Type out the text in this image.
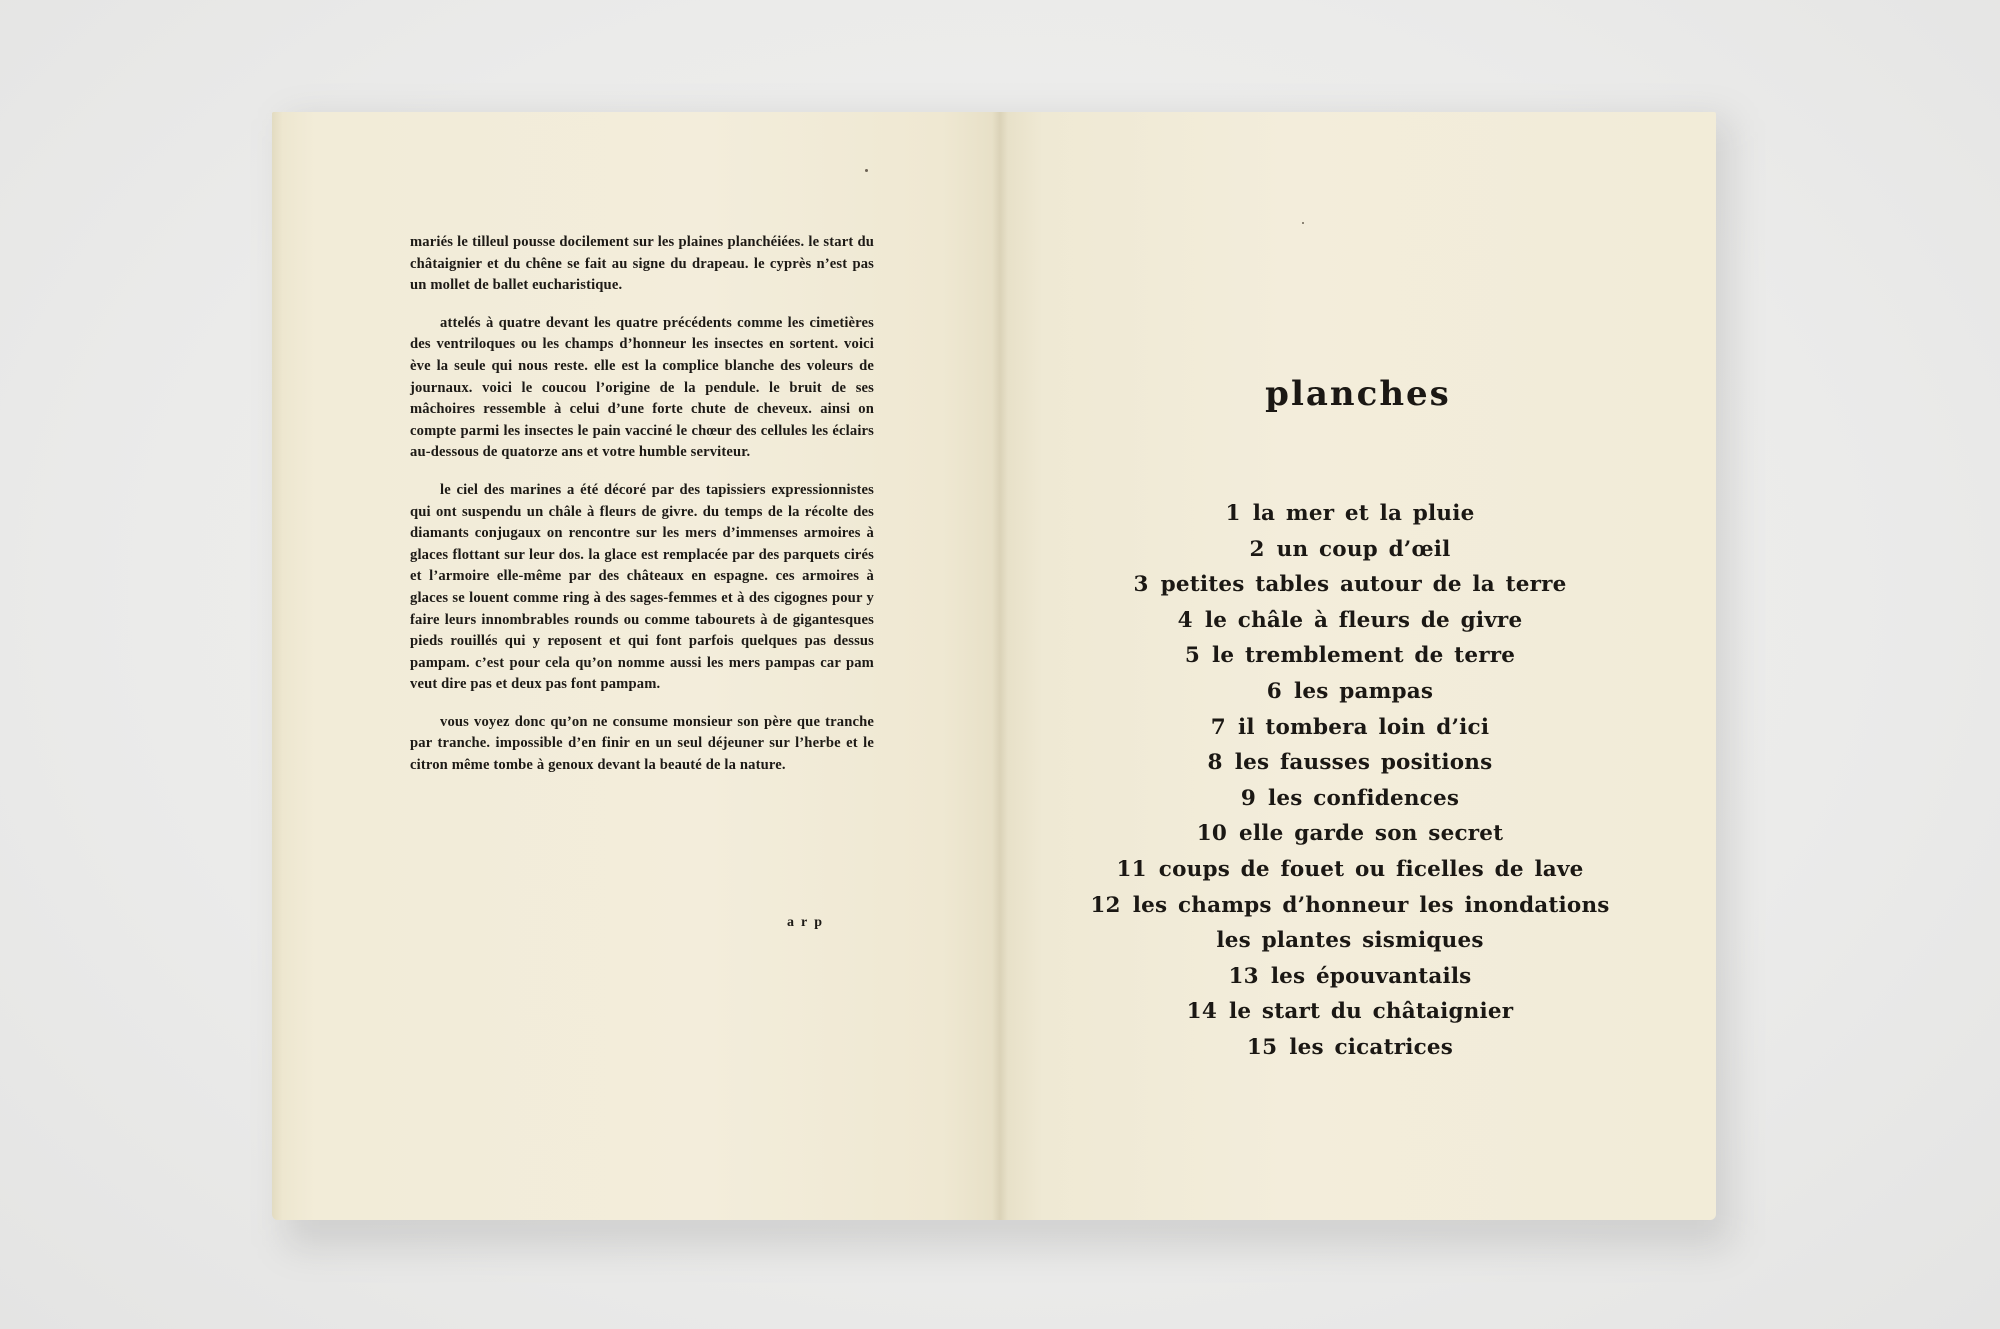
mariés le tilleul pousse docilement sur les plaines planchéiées. le start du châtaignier et du chêne se fait au signe du drapeau. le cyprès n’est pas un mollet de ballet eucharistique.

attelés à quatre devant les quatre précédents comme les cimetières des ventriloques ou les champs d’honneur les insectes en sortent. voici ève la seule qui nous reste. elle est la complice blanche des voleurs de journaux. voici le coucou l’origine de la pendule. le bruit de ses mâchoires ressemble à celui d’une forte chute de cheveux. ainsi on compte parmi les insectes le pain vacciné le chœur des cellules les éclairs au-dessous de quatorze ans et votre humble serviteur.

le ciel des marines a été décoré par des tapissiers expressionnistes qui ont suspendu un châle à fleurs de givre. du temps de la récolte des diamants conjugaux on rencontre sur les mers d’immenses armoires à glaces flottant sur leur dos. la glace est remplacée par des parquets cirés et l’armoire elle-même par des châteaux en espagne. ces armoires à glaces se louent comme ring à des sages-femmes et à des cigognes pour y faire leurs innombrables rounds ou comme tabourets à de gigantesques pieds rouillés qui y reposent et qui font parfois quelques pas dessus pampam. c’est pour cela qu’on nomme aussi les mers pampas car pam veut dire pas et deux pas font pampam.

vous voyez donc qu’on ne consume monsieur son père que tranche par tranche. impossible d’en finir en un seul déjeuner sur l’herbe et le citron même tombe à genoux devant la beauté de la nature.

arp
planches
1 la mer et la pluie
2 un coup d’œil
3 petites tables autour de la terre
4 le châle à fleurs de givre
5 le tremblement de terre
6 les pampas
7 il tombera loin d’ici
8 les fausses positions
9 les confidences
10 elle garde son secret
11 coups de fouet ou ficelles de lave
12 les champs d’honneur les inondations
les plantes sismiques
13 les épouvantails
14 le start du châtaignier
15 les cicatrices
